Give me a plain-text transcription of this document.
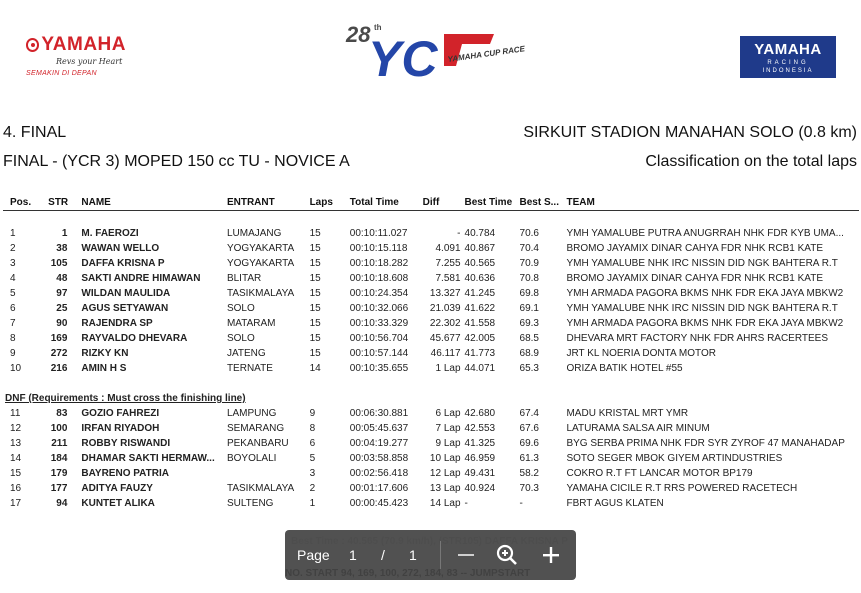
YAMAHA
Revs your Heart
SEMAKIN DI DEPAN
28 th
YC YAMAHA CUP RACE	YAMAHA
RACING
INDONESIA
4. FINAL	SIRKUIT STADION MANAHAN SOLO (0.8 km)
FINAL - (YCR 3) MOPED 150 cc TU - NOVICE A	Classification on the total laps
Pos.	STR	NAME	ENTRANT	Laps	Total Time	Diff	Best Time	Best S...	TEAM

1	1	M. FAEROZI	LUMAJANG	15	00:10:11.027	-	40.784	70.6	YMH YAMALUBE PUTRA ANUGRRAH NHK FDR KYB UMA...
2	38	WAWAN WELLO	YOGYAKARTA	15	00:10:15.118	4.091	40.867	70.4	BROMO JAYAMIX DINAR CAHYA FDR NHK RCB1 KATE
3	105	DAFFA KRISNA P	YOGYAKARTA	15	00:10:18.282	7.255	40.565	70.9	YMH YAMALUBE NHK IRC NISSIN DID NGK BAHTERA R.T
4	48	SAKTI ANDRE HIMAWAN	BLITAR	15	00:10:18.608	7.581	40.636	70.8	BROMO JAYAMIX DINAR CAHYA FDR NHK RCB1 KATE
5	97	WILDAN MAULIDA	TASIKMALAYA	15	00:10:24.354	13.327	41.245	69.8	YMH ARMADA PAGORA BKMS NHK FDR EKA JAYA MBKW2
6	25	AGUS SETYAWAN	SOLO	15	00:10:32.066	21.039	41.622	69.1	YMH YAMALUBE NHK IRC NISSIN DID NGK BAHTERA R.T
7	90	RAJENDRA SP	MATARAM	15	00:10:33.329	22.302	41.558	69.3	YMH ARMADA PAGORA BKMS NHK FDR EKA JAYA MBKW2
8	169	RAYVALDO DHEVARA	SOLO	15	00:10:56.704	45.677	42.005	68.5	DHEVARA MRT FACTORY NHK FDR AHRS RACERTEES
9	272	RIZKY KN	JATENG	15	00:10:57.144	46.117	41.773	68.9	JRT KL NOERIA DONTA MOTOR
10	216	AMIN H S	TERNATE	14	00:10:35.655	1 Lap	44.071	65.3	ORIZA BATIK HOTEL #55

DNF (Requirements : Must cross the finishing line)									
11	83	GOZIO FAHREZI	LAMPUNG	9	00:06:30.881	6 Lap	42.680	67.4	MADU KRISTAL MRT YMR
12	100	IRFAN RIYADOH	SEMARANG	8	00:05:45.637	7 Lap	42.553	67.6	LATURAMA SALSA AIR MINUM
13	211	ROBBY RISWANDI	PEKANBARU	6	00:04:19.277	9 Lap	41.325	69.6	BYG SERBA PRIMA NHK FDR SYR ZYROF 47 MANAHADAP
14	184	DHAMAR SAKTI HERMAW...	BOYOLALI	5	00:03:58.858	10 Lap	46.959	61.3	SOTO SEGER MBOK GIYEM ARTINDUSTRIES
15	179	BAYRENO PATRIA		3	00:02:56.418	12 Lap	49.431	58.2	COKRO R.T FT LANCAR MOTOR BP179
16	177	ADITYA FAUZY	TASIKMALAYA	2	00:01:17.606	13 Lap	40.924	70.3	YAMAHA CICILE R.T RRS POWERED RACETECH
17	94	KUNTET ALIKA	SULTENG	1	00:00:45.423	14 Lap	-	-	FBRT AGUS KLATEN
Page 1 / 1
